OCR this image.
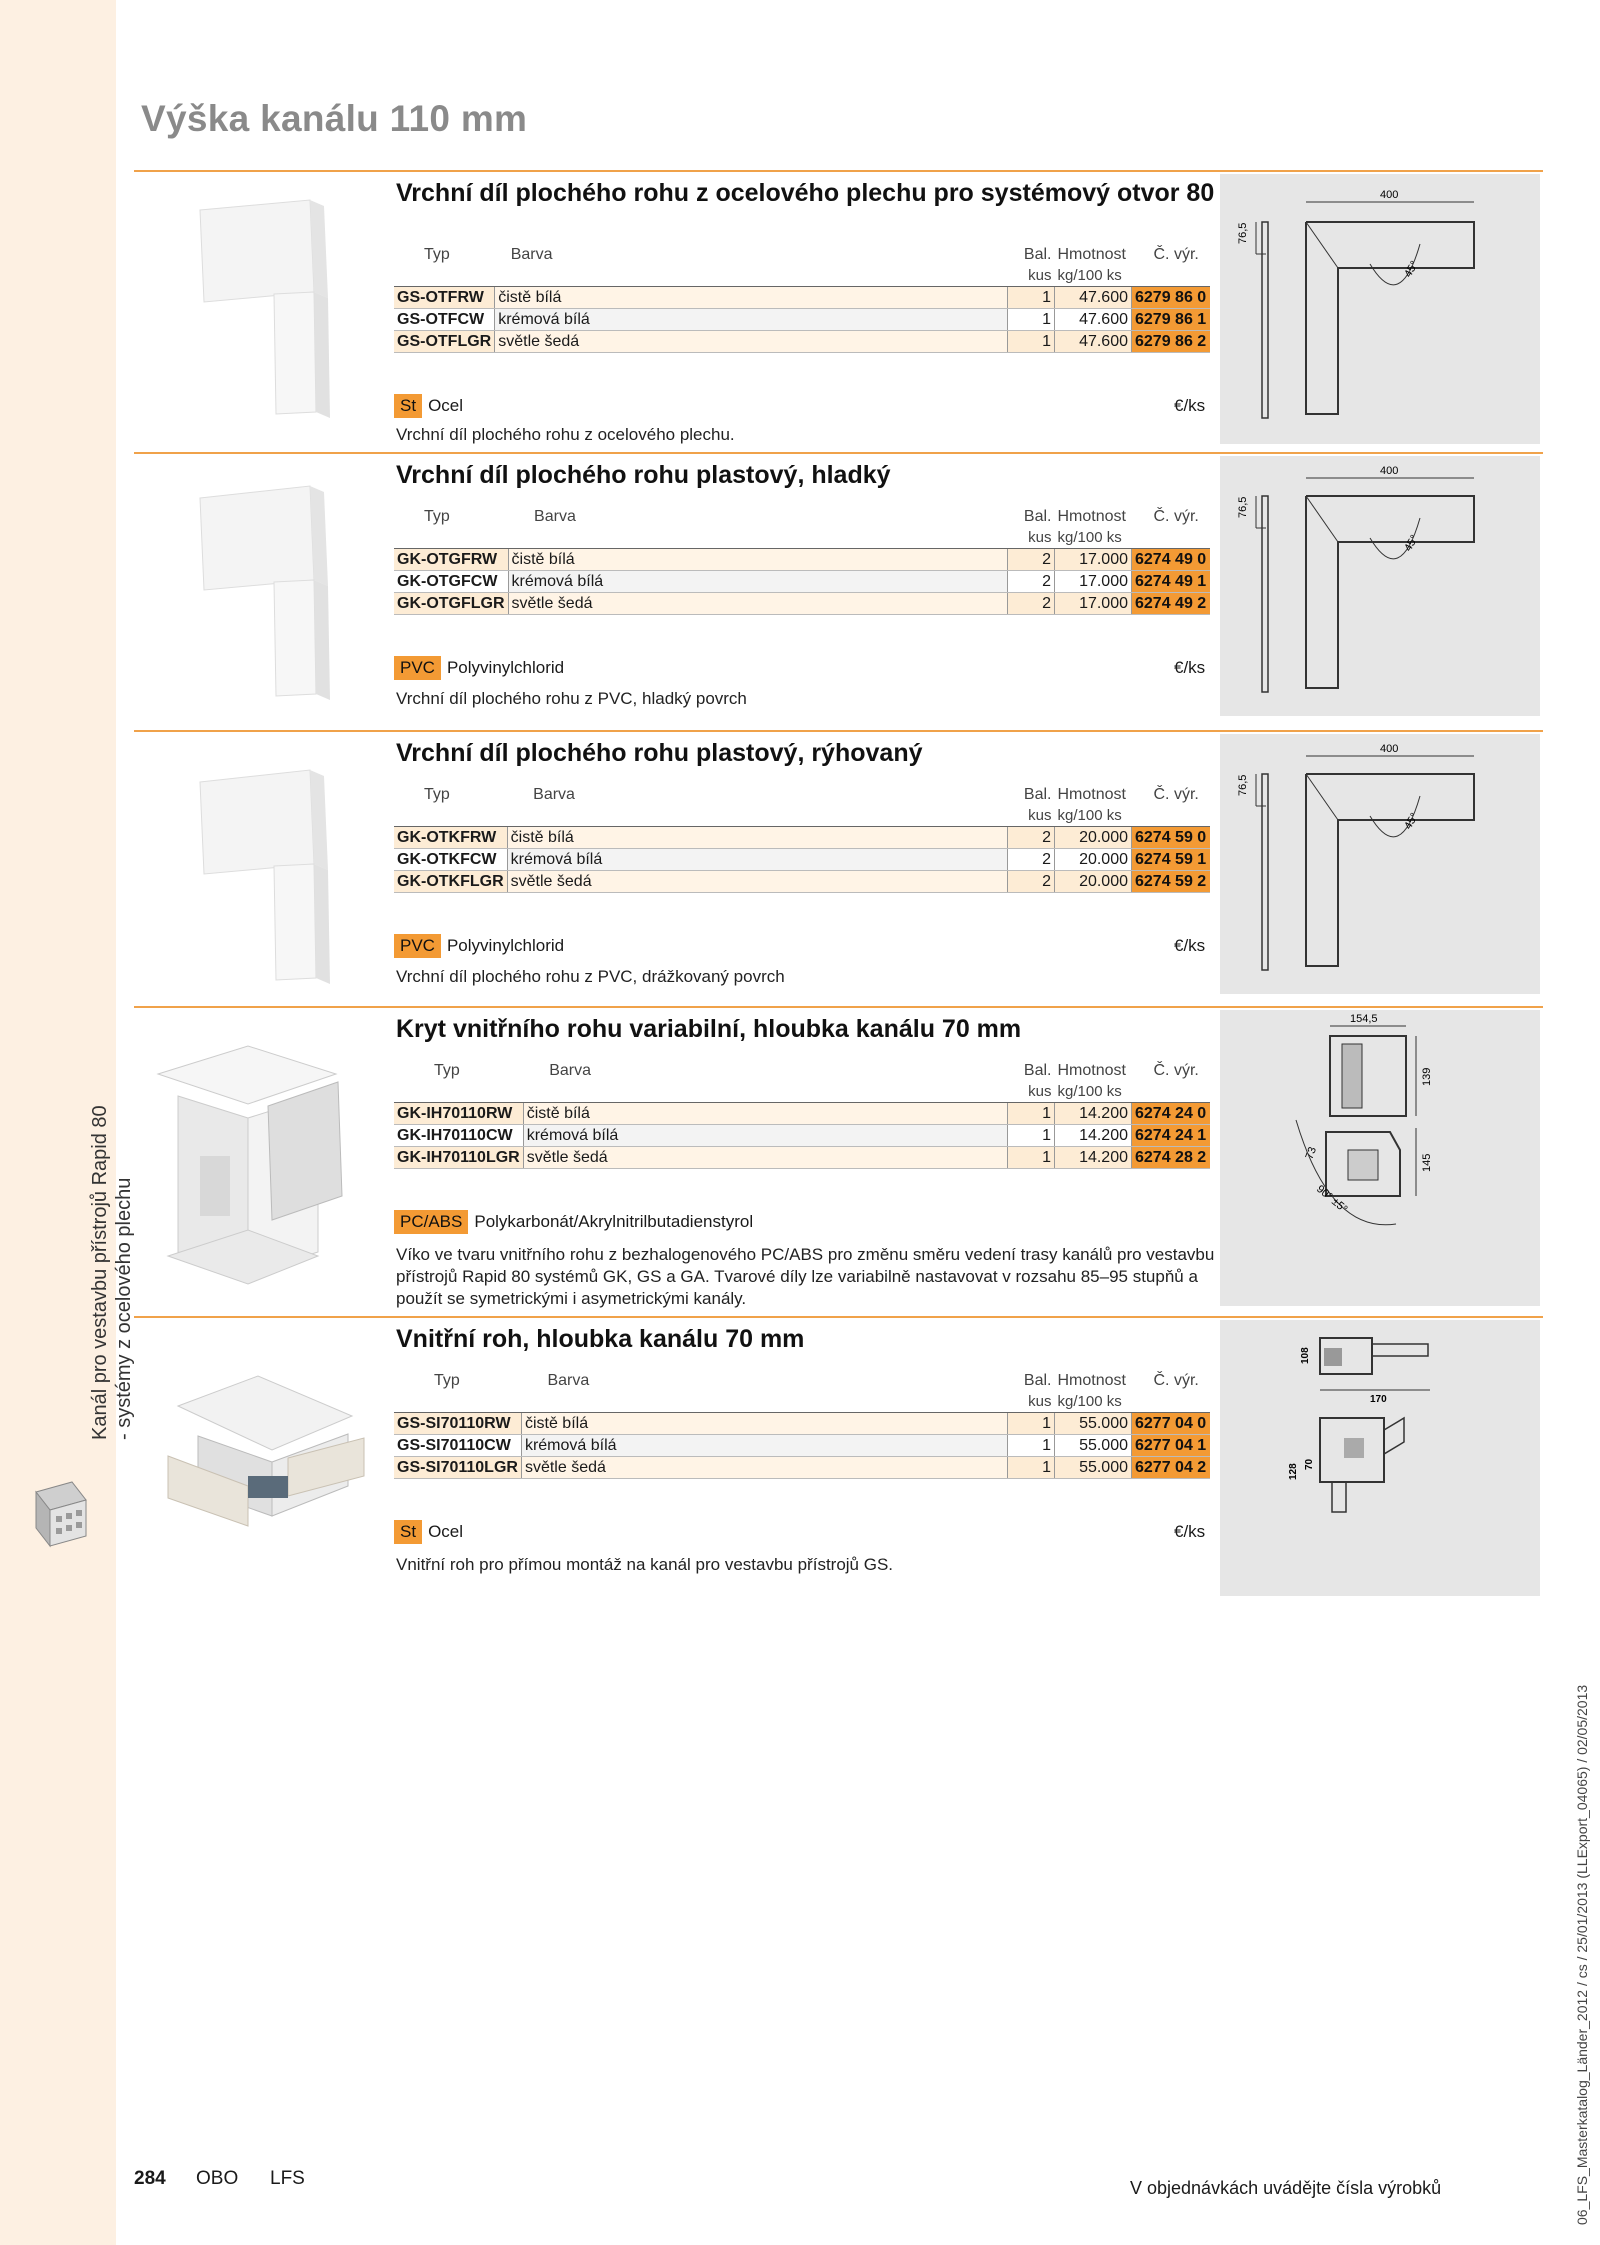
Kanál pro vestavbu přístrojů Rapid 80
- systémy z ocelového plechu
06_LFS_Masterkatalog_Länder_2012 / cs / 25/01/2013 (LLExport_04065) / 02/05/2013
Výška kanálu 110 mm
Vrchní díl plochého rohu z ocelového plechu pro systémový otvor 80 mm
Typ	Barva	Bal.	Hmotnost	Č. výr.
		kus	kg/100 ks	
GS-OTFRW	čistě bílá	1	47.600	6279 86 0
GS-OTFCW	krémová bílá	1	47.600	6279 86 1
GS-OTFLGR	světle šedá	1	47.600	6279 86 2
St Ocel	€/ks
Vrchní díl plochého rohu z ocelového plechu.
76,5
400
45°
Vrchní díl plochého rohu plastový, hladký
Typ	Barva	Bal.	Hmotnost	Č. výr.
		kus	kg/100 ks	
GK-OTGFRW	čistě bílá	2	17.000	6274 49 0
GK-OTGFCW	krémová bílá	2	17.000	6274 49 1
GK-OTGFLGR	světle šedá	2	17.000	6274 49 2
PVC Polyvinylchlorid	€/ks
Vrchní díl plochého rohu z PVC, hladký povrch
76,5
400
45°
Vrchní díl plochého rohu plastový, rýhovaný
Typ	Barva	Bal.	Hmotnost	Č. výr.
		kus	kg/100 ks	
GK-OTKFRW	čistě bílá	2	20.000	6274 59 0
GK-OTKFCW	krémová bílá	2	20.000	6274 59 1
GK-OTKFLGR	světle šedá	2	20.000	6274 59 2
PVC Polyvinylchlorid	€/ks
Vrchní díl plochého rohu z PVC, drážkovaný povrch
76,5
400
45°
Kryt vnitřního rohu variabilní, hloubka kanálu 70 mm
Typ	Barva	Bal.	Hmotnost	Č. výr.
		kus	kg/100 ks	
GK-IH70110RW	čistě bílá	1	14.200	6274 24 0
GK-IH70110CW	krémová bílá	1	14.200	6274 24 1
GK-IH70110LGR	světle šedá	1	14.200	6274 28 2
PC/ABS Polykarbonát/Akrylnitrilbutadienstyrol
Víko ve tvaru vnitřního rohu z bezhalogenového PC/ABS pro změnu směru vedení trasy kanálů pro vestavbu přístrojů Rapid 80 systémů GK, GS a GA. Tvarové díly lze variabilně nastavovat v rozsahu 85–95 stupňů a použít se symetrickými i asymetrickými kanály.
154,5
139
73
145
90° ±5°
Vnitřní roh, hloubka kanálu 70 mm
Typ	Barva	Bal.	Hmotnost	Č. výr.
		kus	kg/100 ks	
GS-SI70110RW	čistě bílá	1	55.000	6277 04 0
GS-SI70110CW	krémová bílá	1	55.000	6277 04 1
GS-SI70110LGR	světle šedá	1	55.000	6277 04 2
St Ocel	€/ks
Vnitřní roh pro přímou montáž na kanál pro vestavbu přístrojů GS.
108
170
128 70
284 OBO LFS	V objednávkách uvádějte čísla výrobků
